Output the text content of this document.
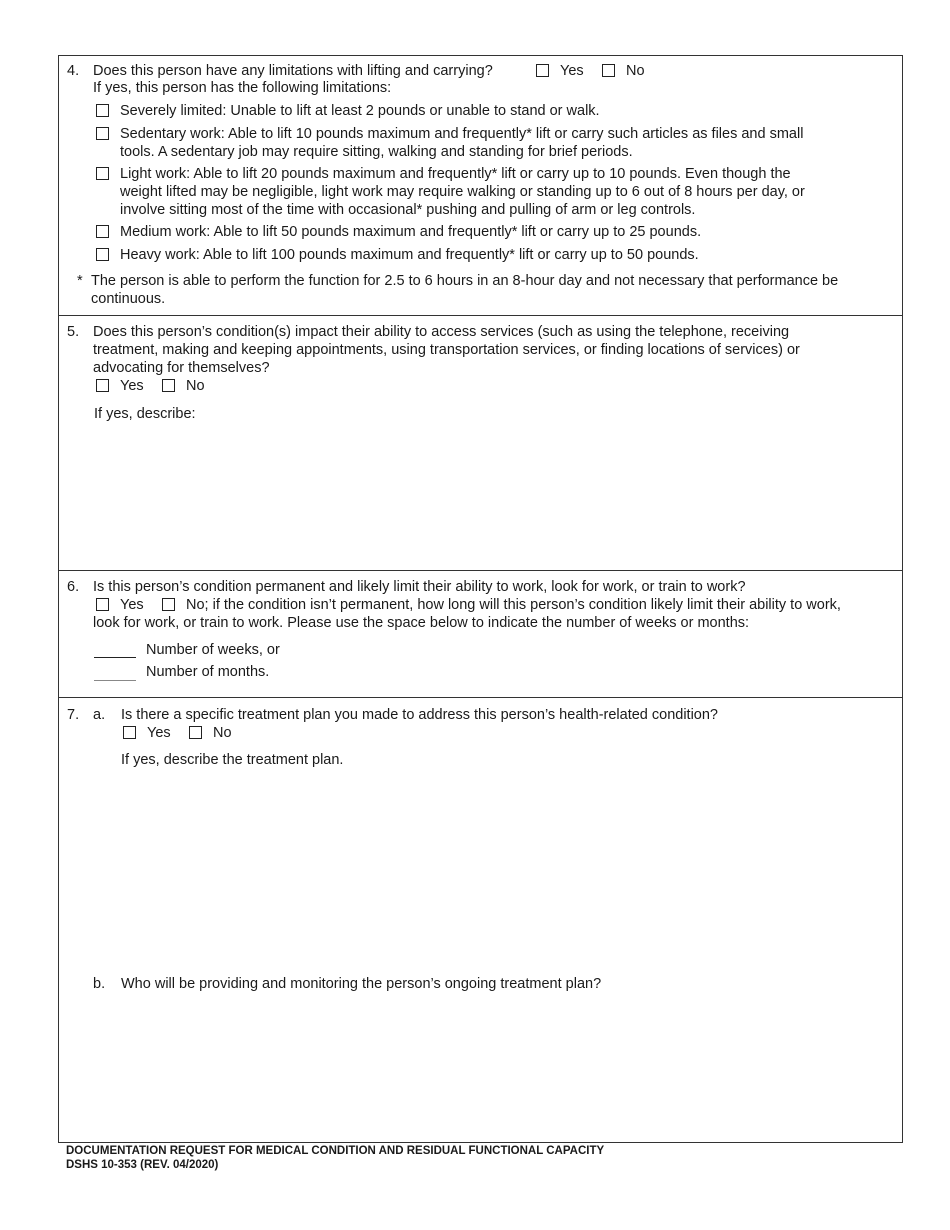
4. Does this person have any limitations with lifting and carrying?	Yes	No
If yes, this person has the following limitations:
Severely limited: Unable to lift at least 2 pounds or unable to stand or walk.
Sedentary work: Able to lift 10 pounds maximum and frequently* lift or carry such articles as files and small
tools. A sedentary job may require sitting, walking and standing for brief periods.
Light work: Able to lift 20 pounds maximum and frequently* lift or carry up to 10 pounds. Even though the
weight lifted may be negligible, light work may require walking or standing up to 6 out of 8 hours per day, or
involve sitting most of the time with occasional* pushing and pulling of arm or leg controls.
Medium work: Able to lift 50 pounds maximum and frequently* lift or carry up to 25 pounds.
Heavy work: Able to lift 100 pounds maximum and frequently* lift or carry up to 50 pounds.
* The person is able to perform the function for 2.5 to 6 hours in an 8-hour day and not necessary that performance be
continuous.
5. Does this person’s condition(s) impact their ability to access services (such as using the telephone, receiving
treatment, making and keeping appointments, using transportation services, or finding locations of services) or
advocating for themselves?
Yes	No
If yes, describe:
6. Is this person’s condition permanent and likely limit their ability to work, look for work, or train to work?
Yes	No; if the condition isn’t permanent, how long will this person’s condition likely limit their ability to work,
look for work, or train to work. Please use the space below to indicate the number of weeks or months:
Number of weeks, or
Number of months.
7. a. Is there a specific treatment plan you made to address this person’s health-related condition?
Yes	No
If yes, describe the treatment plan.
b. Who will be providing and monitoring the person’s ongoing treatment plan?
DOCUMENTATION REQUEST FOR MEDICAL CONDITION AND RESIDUAL FUNCTIONAL CAPACITY
DSHS 10-353 (REV. 04/2020)
